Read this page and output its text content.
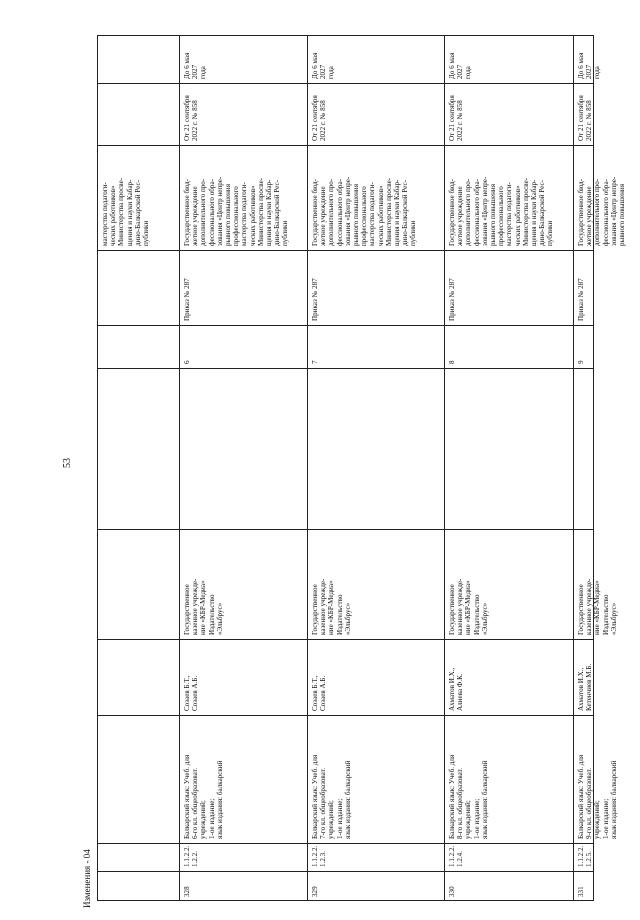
53
Изменения - 04
мастерства педагоги-
ческих работников»
Министерства просве-
щения и науки Кабар-
дино-Балкарской Рес-
публики
328
1.1.2.2.
1.2.2.
Балкарский язык: Учеб. для
6-го кл. общеобразоват.
учреждений;
1-ое издание;
язык издания: балкарский
Созаев Б.Т.,
Созаев А.Б.
Государственное
казенное учрежде-
ние «КБР-Медиа»
Издательство
«Эльбрус»
6
Приказ № 287
Государственное бюд-
жетное учреждение
дополнительного про-
фессионального обра-
зования «Центр непре-
рывного повышения
профессионального
мастерства педагоги-
ческих работников»
Министерства просве-
щения и науки Кабар-
дино-Балкарской Рес-
публики
От 21 сентября
2022 г. № 858
До 6 мая 2027
года
329
1.1.2.2.
1.2.3.
Балкарский язык: Учеб. для
7-го кл. общеобразоват.
учреждений;
1-ое издание;
язык издания: балкарский
Созаев Б.Т.,
Созаев А.Б.
Государственное
казенное учрежде-
ние «КБР-Медиа»
Издательство
«Эльбрус»
7
Приказ № 287
Государственное бюд-
жетное учреждение
дополнительного про-
фессионального обра-
зования «Центр непре-
рывного повышения
профессионального
мастерства педагоги-
ческих работников»
Министерства просве-
щения и науки Кабар-
дино-Балкарской Рес-
публики
От 21 сентября
2022 г. № 858
До 6 мая 2027
года
330
1.1.2.2.
1.2.4.
Балкарский язык: Учеб. для
8-го кл. общеобразоват.
учреждений;
1-ое издание;
язык издания: балкарский
Ахматов И.Х.,
Алиева Ф.К.
Государственное
казенное учрежде-
ние «КБР-Медиа»
Издательство
«Эльбрус»
8
Приказ № 287
Государственное бюд-
жетное учреждение
дополнительного про-
фессионального обра-
зования «Центр непре-
рывного повышения
профессионального
мастерства педагоги-
ческих работников»
Министерства просве-
щения и науки Кабар-
дино-Балкарской Рес-
публики
От 21 сентября
2022 г. № 858
До 6 мая 2027
года
331
1.1.2.2.
1.2.5.
Балкарский язык: Учеб. для
9-го кл. общеобразоват.
учреждений;
1-ое издание;
язык издания: балкарский
Ахматов И.Х.,
Кетенчиев М.Б.
Государственное
казенное учрежде-
ние «КБР-Медиа»
Издательство
«Эльбрус»
9
Приказ № 287
Государственное бюд-
жетное учреждение
дополнительного про-
фессионального обра-
зования «Центр непре-
рывного повышения
От 21 сентября
2022 г. № 858
До 6 мая 2027
года
